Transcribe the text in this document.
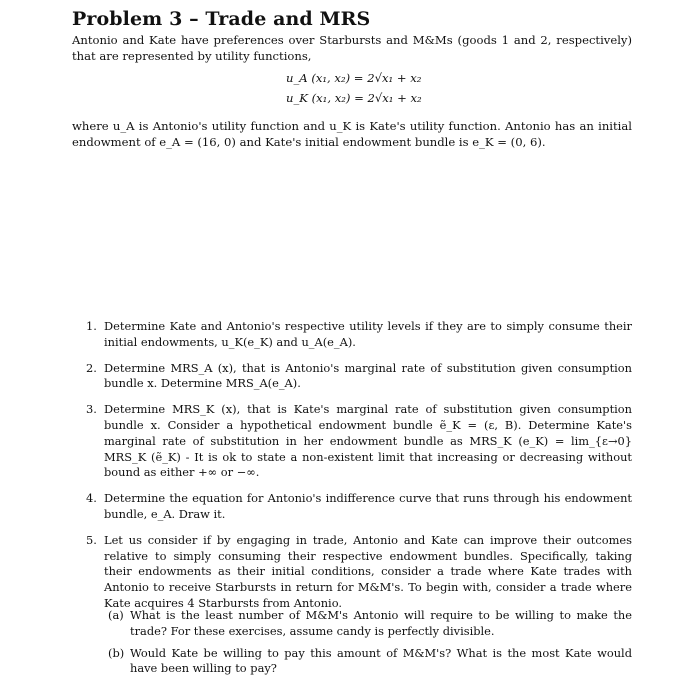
Problem 3 – Trade and MRS
Antonio and Kate have preferences over Starbursts and M&Ms (goods 1 and 2, respectively) that are represented by utility functions,
u_A (x₁, x₂) = 2√x₁ + x₂
u_K (x₁, x₂) = 2√x₁ + x₂
where u_A is Antonio's utility function and u_K is Kate's utility function. Antonio has an initial endowment of e_A = (16, 0) and Kate's initial endowment bundle is e_K = (0, 6).
1. Determine Kate and Antonio's respective utility levels if they are to simply consume their initial endowments, u_K(e_K) and u_A(e_A).
2. Determine MRS_A (x), that is Antonio's marginal rate of substitution given consumption bundle x. Determine MRS_A(e_A).
3. Determine MRS_K (x), that is Kate's marginal rate of substitution given consumption bundle x. Consider a hypothetical endowment bundle ẽ_K = (ε, B). Determine Kate's marginal rate of substitution in her endowment bundle as MRS_K (e_K) = lim_{ε→0} MRS_K (ẽ_K) - It is ok to state a non-existent limit that increasing or decreasing without bound as either +∞ or −∞.
4. Determine the equation for Antonio's indifference curve that runs through his endowment bundle, e_A. Draw it.
5. Let us consider if by engaging in trade, Antonio and Kate can improve their outcomes relative to simply consuming their respective endowment bundles. Specifically, taking their endowments as their initial conditions, consider a trade where Kate trades with Antonio to receive Starbursts in return for M&M's. To begin with, consider a trade where Kate acquires 4 Starbursts from Antonio.
(a) What is the least number of M&M's Antonio will require to be willing to make the trade? For these exercises, assume candy is perfectly divisible.
(b) Would Kate be willing to pay this amount of M&M's? What is the most Kate would have been willing to pay?
